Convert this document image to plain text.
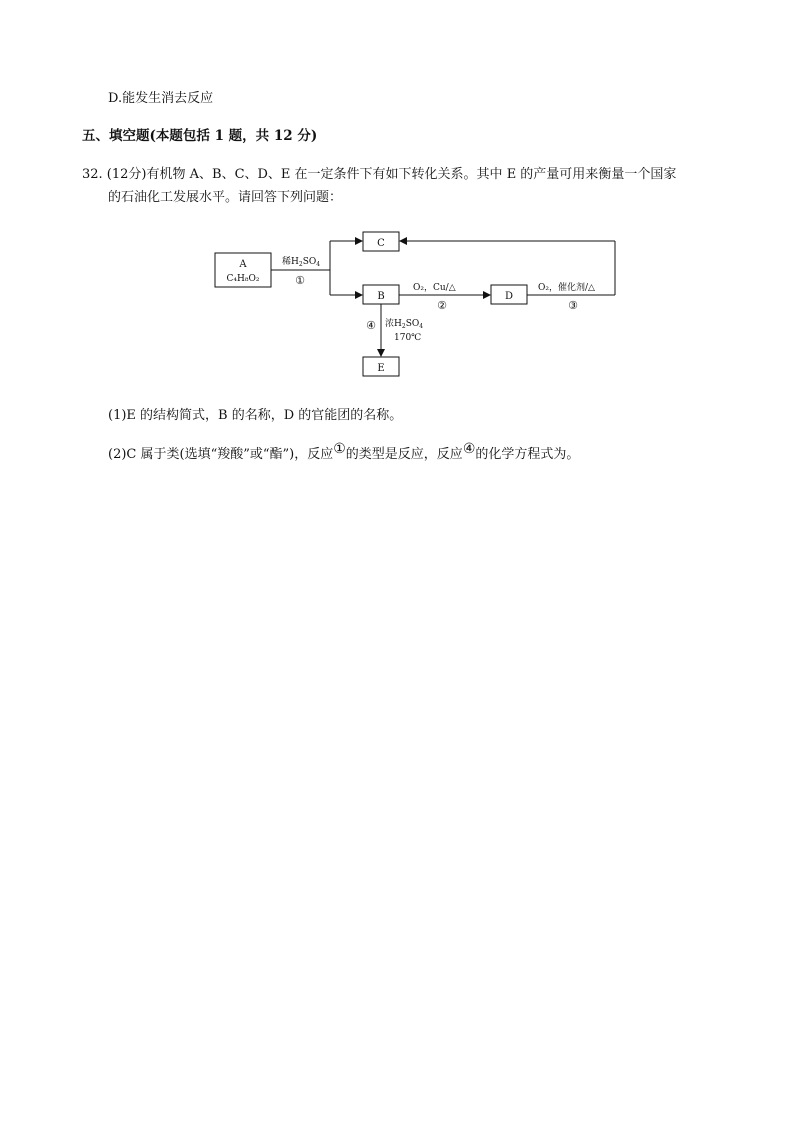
D.能发生消去反应
五、填空题(本题包括 1 题，共 12 分)
32. (12分)有机物 A、B、C、D、E 在一定条件下有如下转化关系。其中 E 的产量可用来衡量一个国家
的石油化工发展水平。请回答下列问题：
A
C₄H₈O₂
稀$H_2SO_4$
①
C
B
O₂，Cu/△
②
D
O₂，催化剂/△
③
④ 浓$H_2SO_4$
170℃
E
(1)E 的结构简式，B 的名称，D 的官能团的名称。
(2)C 属于类(选填“羧酸”或“酯”)，反应①的类型是反应，反应④的化学方程式为。
